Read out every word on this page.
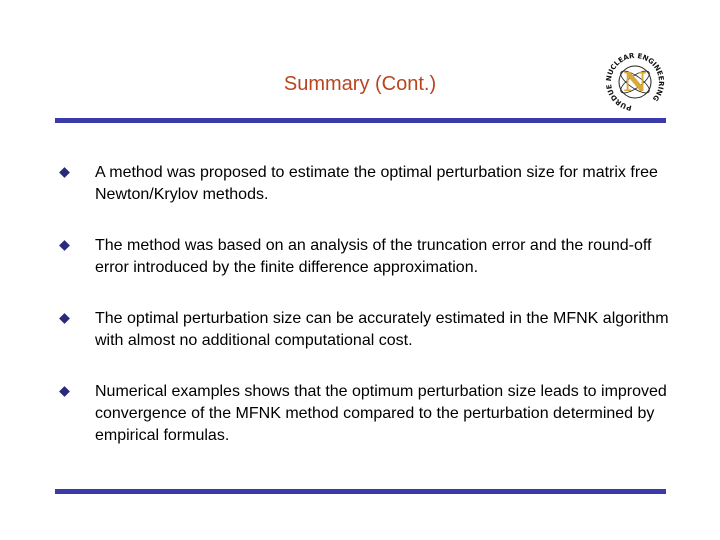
Summary (Cont.)	N
PURDUE NUCLEAR ENGINEERING
A method was proposed to estimate the optimal perturbation size for matrix free Newton/Krylov methods.
The method was based on an analysis of the truncation error and the round-off error introduced by the finite difference approximation.
The optimal perturbation size can be accurately estimated in the MFNK algorithm with almost no additional computational cost.
Numerical examples shows that the optimum perturbation size leads to improved convergence of the MFNK method compared to the perturbation determined by empirical formulas.
